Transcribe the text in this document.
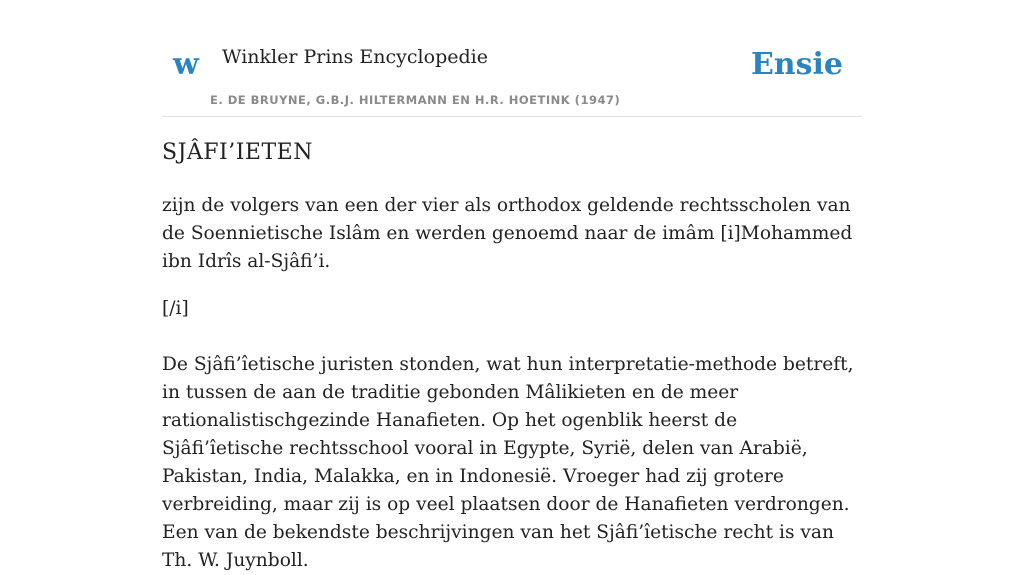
w Winkler Prins Encyclopedie
E. DE BRUYNE, G.B.J. HILTERMANN EN H.R. HOETINK (1947)
Ensie
SJÂFI’IETEN

zijn de volgers van een der vier als orthodox geldende rechtsscholen van de Soennietische Islâm en werden genoemd naar de imâm [i]Mohammed ibn Idrîs al-Sjâfi’i.

[/i]

De Sjâfi’îetische juristen stonden, wat hun interpretatie-methode betreft, in tussen de aan de traditie gebonden Mâlikieten en de meer rationalistischgezinde Hanafieten. Op het ogenblik heerst de Sjâfi’îetische rechtsschool vooral in Egypte, Syrië, delen van Arabië, Pakistan, India, Malakka, en in Indonesië. Vroeger had zij grotere verbreiding, maar zij is op veel plaatsen door de Hanafieten verdrongen. Een van de bekendste beschrijvingen van het Sjâfi’îetische recht is van Th. W. Juynboll.
